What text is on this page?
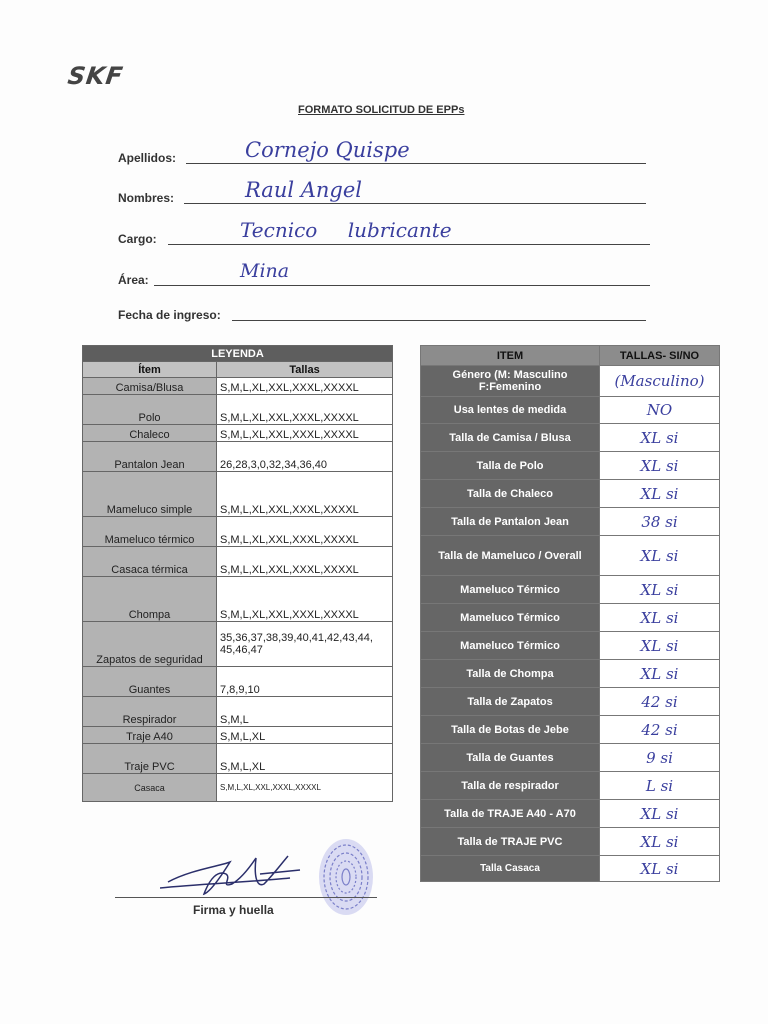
SKF
FORMATO SOLICITUD DE EPPs
Apellidos:	Cornejo Quispe
Nombres:	Raul Angel
Cargo:	Tecnico lubricante
Área:	Mina
Fecha de ingreso:
LEYENDA	
Ítem	Tallas
Camisa/Blusa	S,M,L,XL,XXL,XXXL,XXXXL
Polo	S,M,L,XL,XXL,XXXL,XXXXL
Chaleco	S,M,L,XL,XXL,XXXL,XXXXL
Pantalon Jean	26,28,3,0,32,34,36,40
Mameluco simple	S,M,L,XL,XXL,XXXL,XXXXL
Mameluco térmico	S,M,L,XL,XXL,XXXL,XXXXL
Casaca térmica	S,M,L,XL,XXL,XXXL,XXXXL
Chompa	S,M,L,XL,XXL,XXXL,XXXXL
Zapatos de seguridad	35,36,37,38,39,40,41,42,43,44, 45,46,47
Guantes	7,8,9,10
Respirador	S,M,L
Traje A40	S,M,L,XL
Traje PVC	S,M,L,XL
Casaca	S,M,L,XL,XXL,XXXL,XXXXL
ITEM	TALLAS- SI/NO
Género (M: Masculino F:Femenino	(Masculino)
Usa lentes de medida	NO
Talla de Camisa / Blusa	XL si
Talla de Polo	XL si
Talla de Chaleco	XL si
Talla de Pantalon Jean	38 si
Talla de Mameluco / Overall	XL si
Mameluco Térmico	XL si
Mameluco Térmico	XL si
Mameluco Térmico	XL si
Talla de Chompa	XL si
Talla de Zapatos	42 si
Talla de Botas de Jebe	42 si
Talla de Guantes	9 si
Talla de respirador	L si
Talla de TRAJE A40 - A70	XL si
Talla de TRAJE PVC	XL si
Talla Casaca	XL si
Firma y huella
